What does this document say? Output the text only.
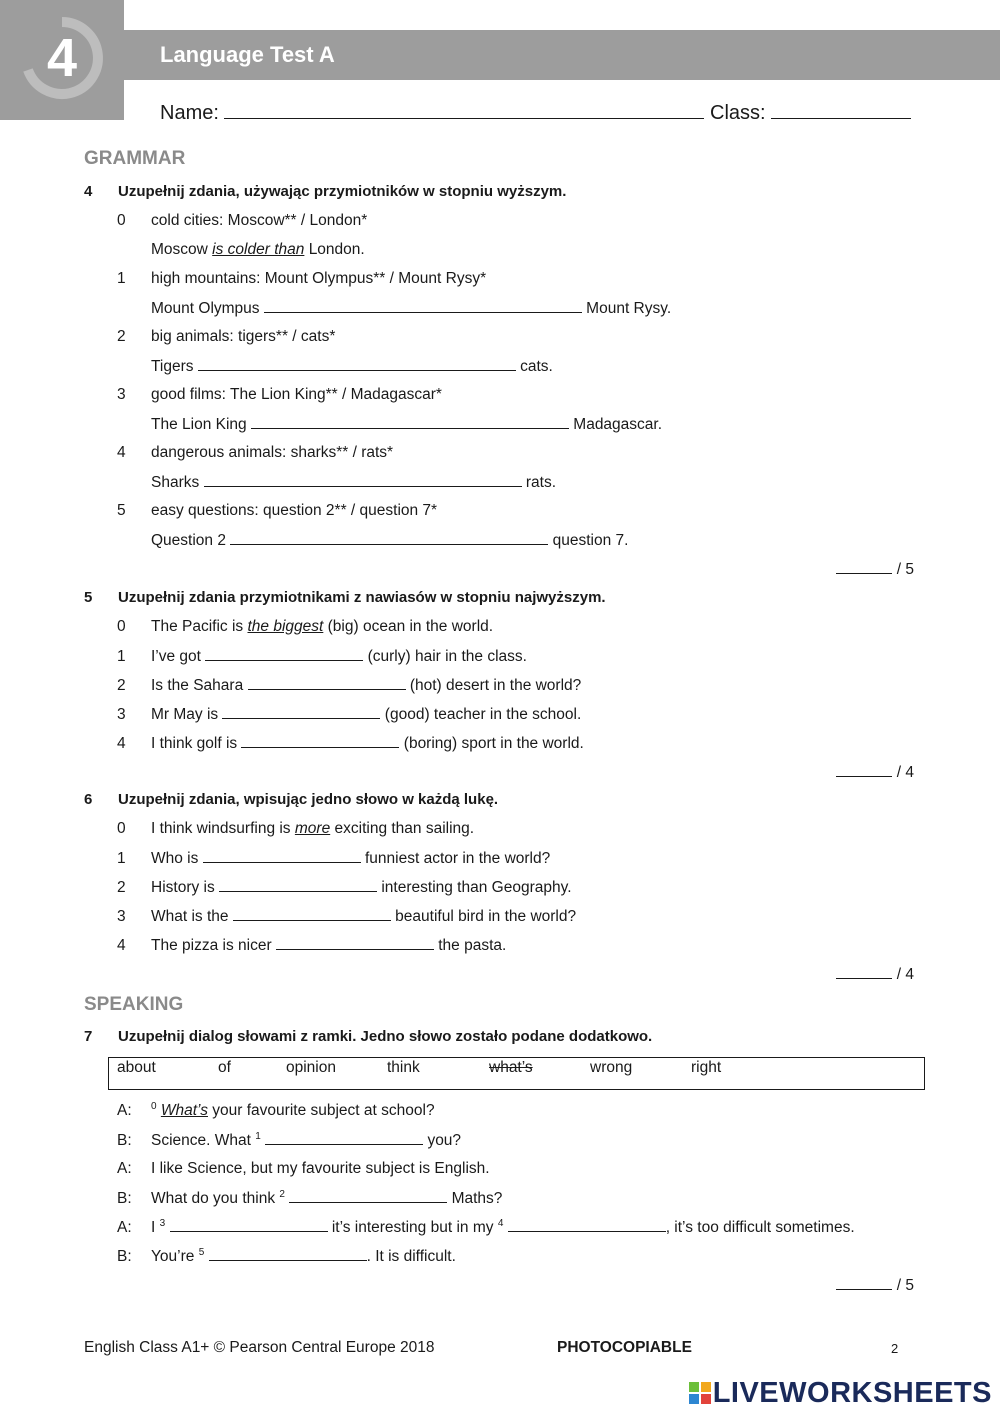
4	Language Test A
Name:	Class:
GRAMMAR
4 Uzupełnij zdania, używając przymiotników w stopniu wyższym.
0 cold cities: Moscow** / London*
Moscow is colder than London.
1 high mountains: Mount Olympus** / Mount Rysy*
Mount Olympus	Mount Rysy.
2 big animals: tigers** / cats*
Tigers	cats.
3 good films: The Lion King** / Madagascar*
The Lion King	Madagascar.
4 dangerous animals: sharks** / rats*
Sharks	rats.
5 easy questions: question 2** / question 7*
Question 2	question 7.
/ 5
5 Uzupełnij zdania przymiotnikami z nawiasów w stopniu najwyższym.
0 The Pacific is the biggest (big) ocean in the world.
1 I’ve got	(curly) hair in the class.
2 Is the Sahara	(hot) desert in the world?
3 Mr May is	(good) teacher in the school.
4 I think golf is	(boring) sport in the world.
/ 4
6 Uzupełnij zdania, wpisując jedno słowo w każdą lukę.
0 I think windsurfing is more exciting than sailing.
1 Who is	funniest actor in the world?
2 History is	interesting than Geography.
3 What is the	beautiful bird in the world?
4 The pizza is nicer	the pasta.
/ 4
SPEAKING
7 Uzupełnij dialog słowami z ramki. Jedno słowo zostało podane dodatkowo.
about	of	opinion	think	what’s	wrong	right
A: $^0$ What’s your favourite subject at school?
B: Science. What $^1$	you?
A: I like Science, but my favourite subject is English.
B: What do you think $^2$	Maths?
A: I $^3$	it’s interesting but in my $^4$	, it’s too difficult sometimes.
B: You’re $^5$	. It is difficult.
/ 5
English Class A1+ © Pearson Central Europe 2018	PHOTOCOPIABLE	2
LIVEWORKSHEETS
